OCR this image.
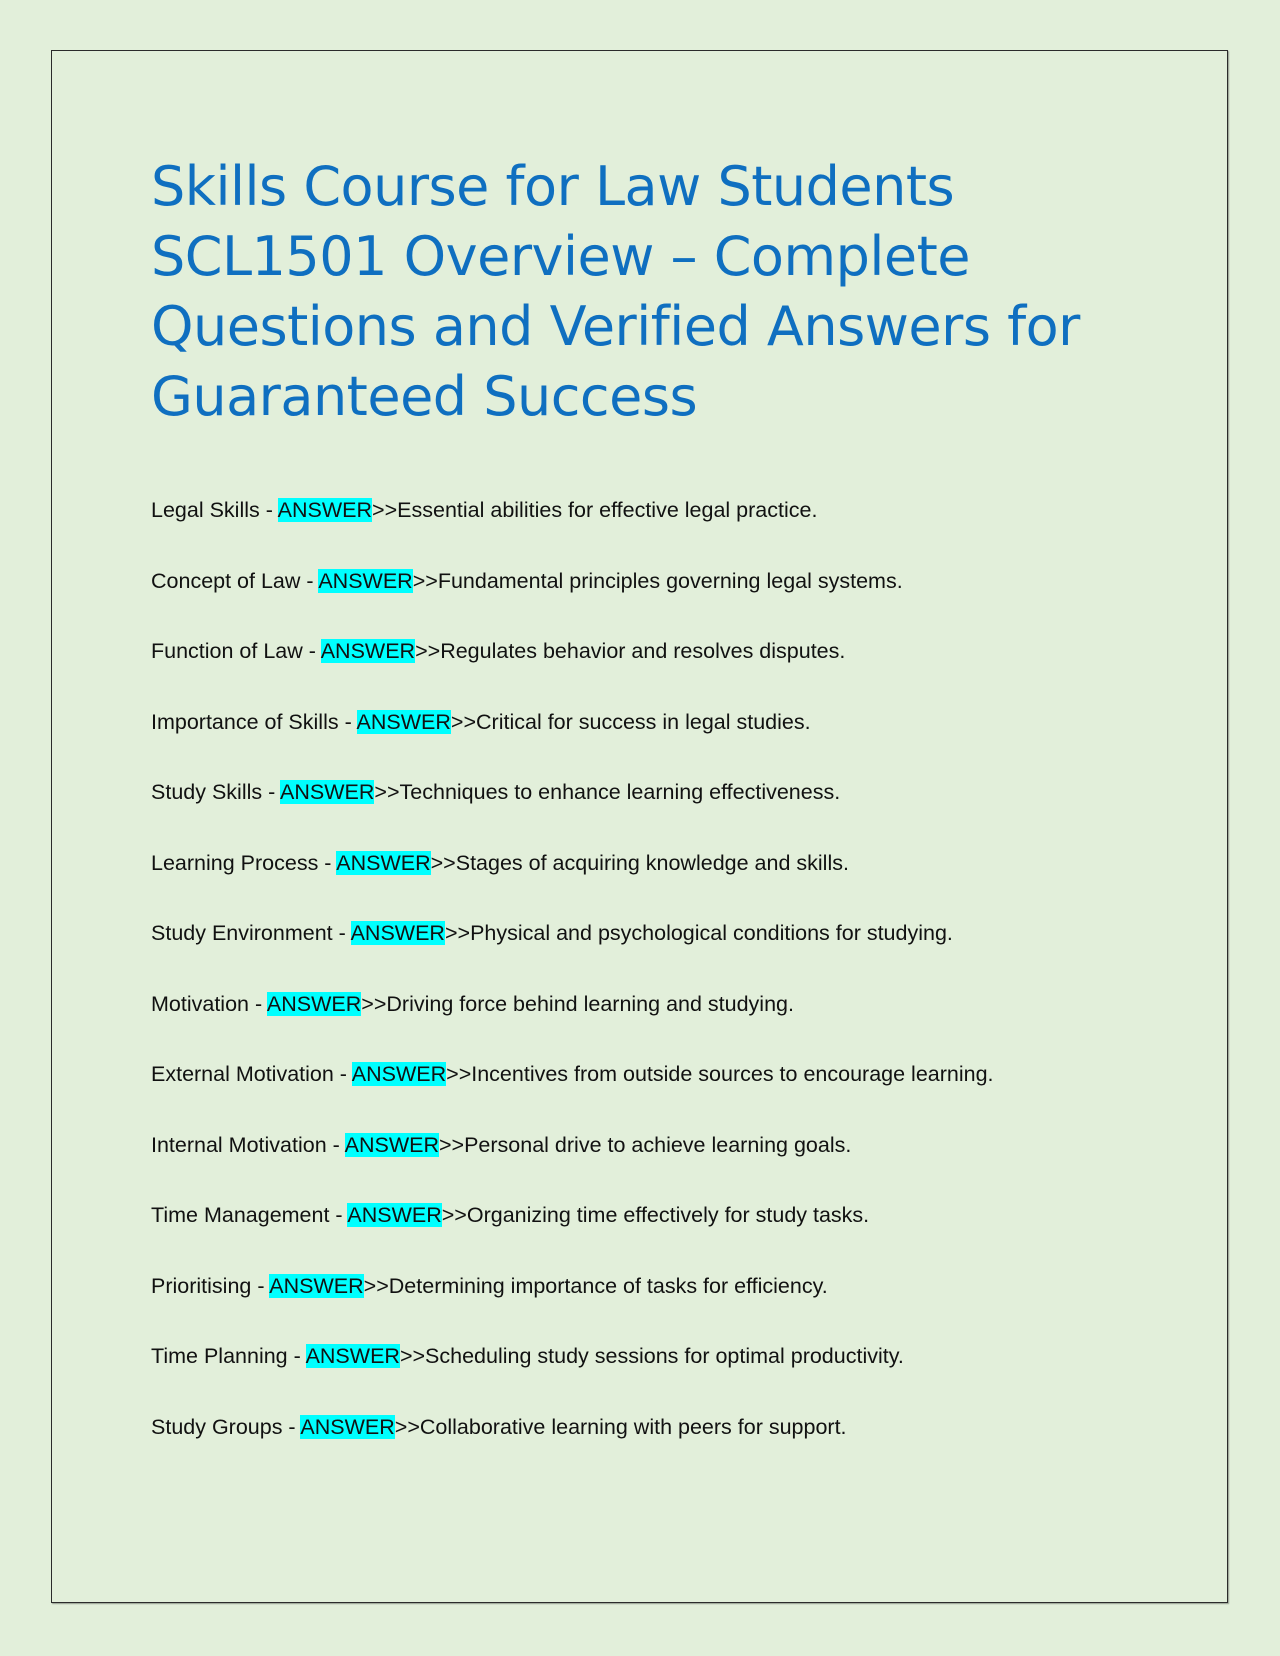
Skills Course for Law Students SCL1501 Overview – Complete Questions and Verified Answers for Guaranteed Success
Legal Skills - ANSWER>>Essential abilities for effective legal practice.
Concept of Law - ANSWER>>Fundamental principles governing legal systems.
Function of Law - ANSWER>>Regulates behavior and resolves disputes.
Importance of Skills - ANSWER>>Critical for success in legal studies.
Study Skills - ANSWER>>Techniques to enhance learning effectiveness.
Learning Process - ANSWER>>Stages of acquiring knowledge and skills.
Study Environment - ANSWER>>Physical and psychological conditions for studying.
Motivation - ANSWER>>Driving force behind learning and studying.
External Motivation - ANSWER>>Incentives from outside sources to encourage learning.
Internal Motivation - ANSWER>>Personal drive to achieve learning goals.
Time Management - ANSWER>>Organizing time effectively for study tasks.
Prioritising - ANSWER>>Determining importance of tasks for efficiency.
Time Planning - ANSWER>>Scheduling study sessions for optimal productivity.
Study Groups - ANSWER>>Collaborative learning with peers for support.
